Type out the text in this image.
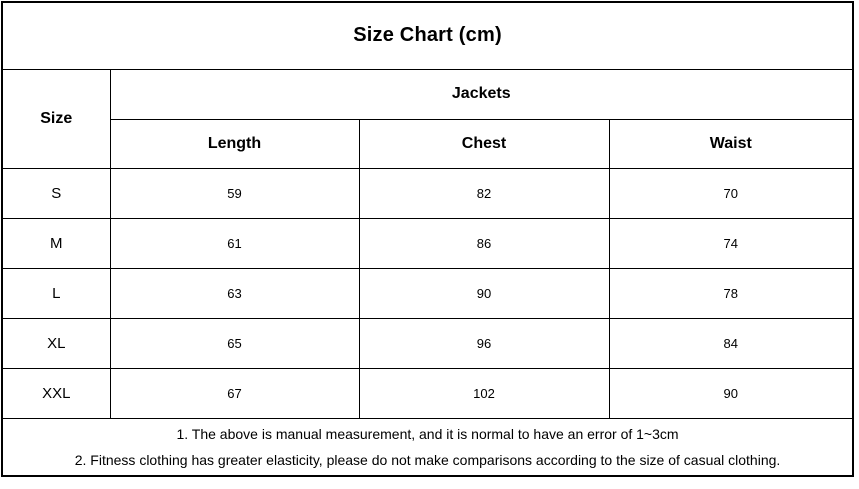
Size Chart (cm)			
Size	Jackets		
	Length	Chest	Waist
S	59	82	70
M	61	86	74
L	63	90	78
XL	65	96	84
XXL	67	102	90

1. The above is manual measurement, and it is normal to have an error of 1~3cm
2. Fitness clothing has greater elasticity, please do not make comparisons according to the size of casual clothing.			
